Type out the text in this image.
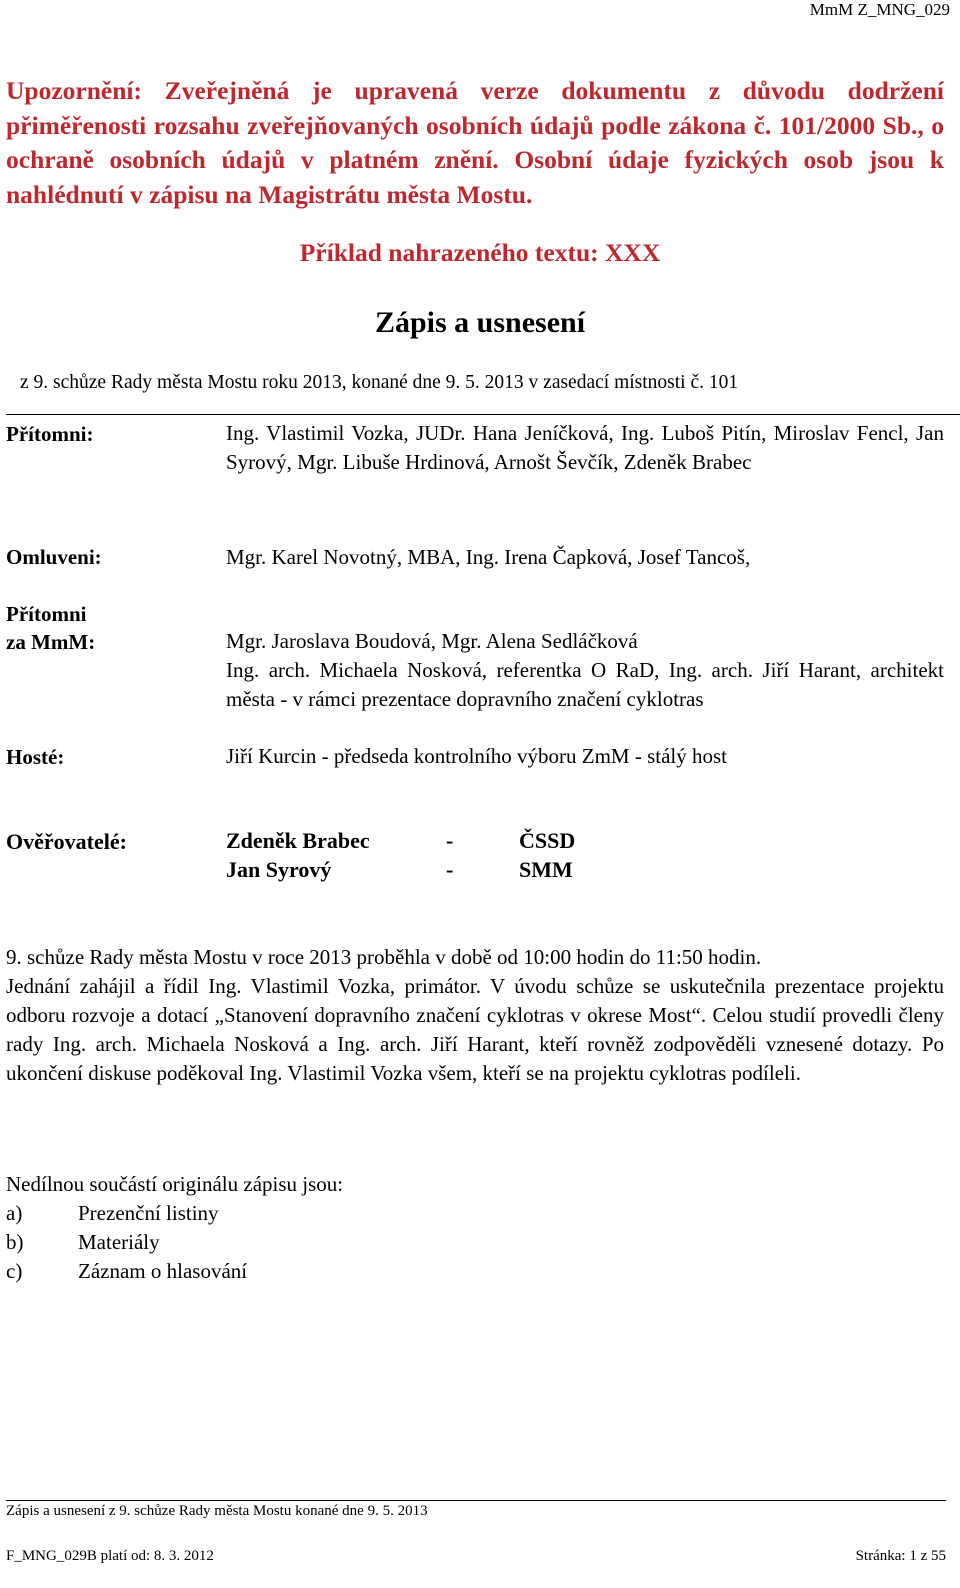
MmM Z_MNG_029
Upozornění: Zveřejněná je upravená verze dokumentu z důvodu dodržení přiměřenosti rozsahu zveřejňovaných osobních údajů podle zákona č. 101/2000 Sb., o ochraně osobních údajů v platném znění. Osobní údaje fyzických osob jsou k nahlédnutí v zápisu na Magistrátu města Mostu.
Příklad nahrazeného textu: XXX
Zápis a usnesení
z 9. schůze Rady města Mostu roku 2013, konané dne 9. 5. 2013 v zasedací místnosti č. 101
Přítomni:	Ing. Vlastimil Vozka, JUDr. Hana Jeníčková, Ing. Luboš Pitín, Miroslav Fencl, Jan Syrový, Mgr. Libuše Hrdinová, Arnošt Ševčík, Zdeněk Brabec
Omluveni:	Mgr. Karel Novotný, MBA, Ing. Irena Čapková, Josef Tancoš,
Přítomni
za MmM:	Mgr. Jaroslava Boudová, Mgr. Alena Sedláčková
Ing. arch. Michaela Nosková, referentka O RaD, Ing. arch. Jiří Harant, architekt města - v rámci prezentace dopravního značení cyklotras
Hosté:	Jiří Kurcin - předseda kontrolního výboru ZmM - stálý host
Ověřovatelé:	Zdeněk Brabec	-	ČSSD
Jan Syrový	-	SMM

9. schůze Rady města Mostu v roce 2013 proběhla v době od 10:00 hodin do 11:50 hodin.

Jednání zahájil a řídil Ing. Vlastimil Vozka, primátor. V úvodu schůze se uskutečnila prezentace projektu odboru rozvoje a dotací „Stanovení dopravního značení cyklotras v okrese Most“. Celou studií provedli členy rady Ing. arch. Michaela Nosková a Ing. arch. Jiří Harant, kteří rovněž zodpověděli vznesené dotazy. Po ukončení diskuse poděkoval Ing. Vlastimil Vozka všem, kteří se na projektu cyklotras podíleli.

Nedílnou součástí originálu zápisu jsou:
a)	Prezenční listiny
b)	Materiály
c)	Záznam o hlasování
Zápis a usnesení z 9. schůze Rady města Mostu konané dne 9. 5. 2013
F_MNG_029B platí od: 8. 3. 2012	Stránka: 1 z 55
